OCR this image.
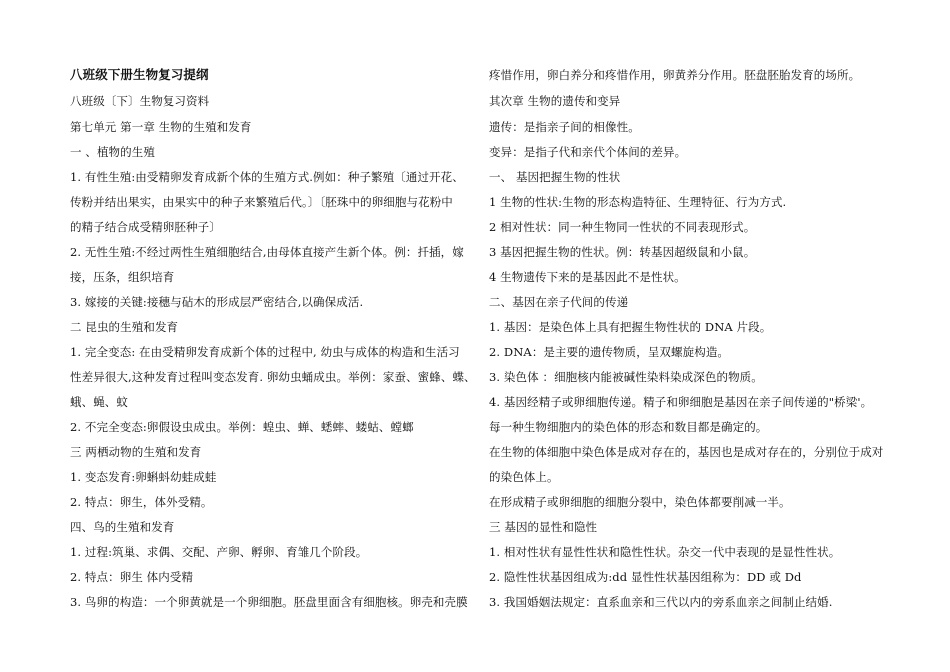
八班级下册生物复习提纲
八班级〔下〕生物复习资料
第七单元 第一章 生物的生殖和发育
一 、植物的生殖
1. 有性生殖:由受精卵发育成新个体的生殖方式.例如：种子繁殖〔通过开花、
传粉并结出果实，由果实中的种子来繁殖后代。〕〔胚珠中的卵细胞与花粉中
的精子结合成受精卵胚种子〕
2. 无性生殖:不经过两性生殖细胞结合,由母体直接产生新个体。例：扦插，嫁
接，压条，组织培育
3. 嫁接的关键:接穗与砧木的形成层严密结合,以确保成活.
二 昆虫的生殖和发育
1. 完全变态: 在由受精卵发育成新个体的过程中, 幼虫与成体的构造和生活习
性差异很大,这种发育过程叫变态发育. 卵幼虫蛹成虫。举例：家蚕、蜜蜂、蝶、
蛾、蝇、蚊
2. 不完全变态:卵假设虫成虫。举例：蝗虫、蝉、蟋蟀、蝼蛄、螳螂
三 两栖动物的生殖和发育
1. 变态发育:卵蝌蚪幼蛙成蛙
2. 特点：卵生，体外受精。
四、鸟的生殖和发育
1. 过程:筑巢、求偶、交配、产卵、孵卵、育雏几个阶段。
2. 特点：卵生 体内受精
3. 鸟卵的构造：一个卵黄就是一个卵细胞。胚盘里面含有细胞核。卵壳和壳膜
疼惜作用，卵白养分和疼惜作用，卵黄养分作用。胚盘胚胎发育的场所。
其次章 生物的遗传和变异
遗传：是指亲子间的相像性。
变异：是指子代和亲代个体间的差异。
一、 基因把握生物的性状
1 生物的性状:生物的形态构造特征、生理特征、行为方式.
2 相对性状：同一种生物同一性状的不同表现形式。
3 基因把握生物的性状。例：转基因超级鼠和小鼠。
4 生物遗传下来的是基因此不是性状。
二、基因在亲子代间的传递
1. 基因：是染色体上具有把握生物性状的 DNA 片段。
2. DNA：是主要的遗传物质，呈双螺旋构造。
3. 染色体 ：细胞核内能被碱性染料染成深色的物质。
4. 基因经精子或卵细胞传递。精子和卵细胞是基因在亲子间传递的"桥梁'。
每一种生物细胞内的染色体的形态和数目都是确定的。
在生物的体细胞中染色体是成对存在的，基因也是成对存在的，分别位于成对
的染色体上。
在形成精子或卵细胞的细胞分裂中，染色体都要削减一半。
三 基因的显性和隐性
1. 相对性状有显性性状和隐性性状。杂交一代中表现的是显性性状。
2. 隐性性状基因组成为:dd 显性性状基因组称为：DD 或 Dd
3. 我国婚姻法规定：直系血亲和三代以内的旁系血亲之间制止结婚.
